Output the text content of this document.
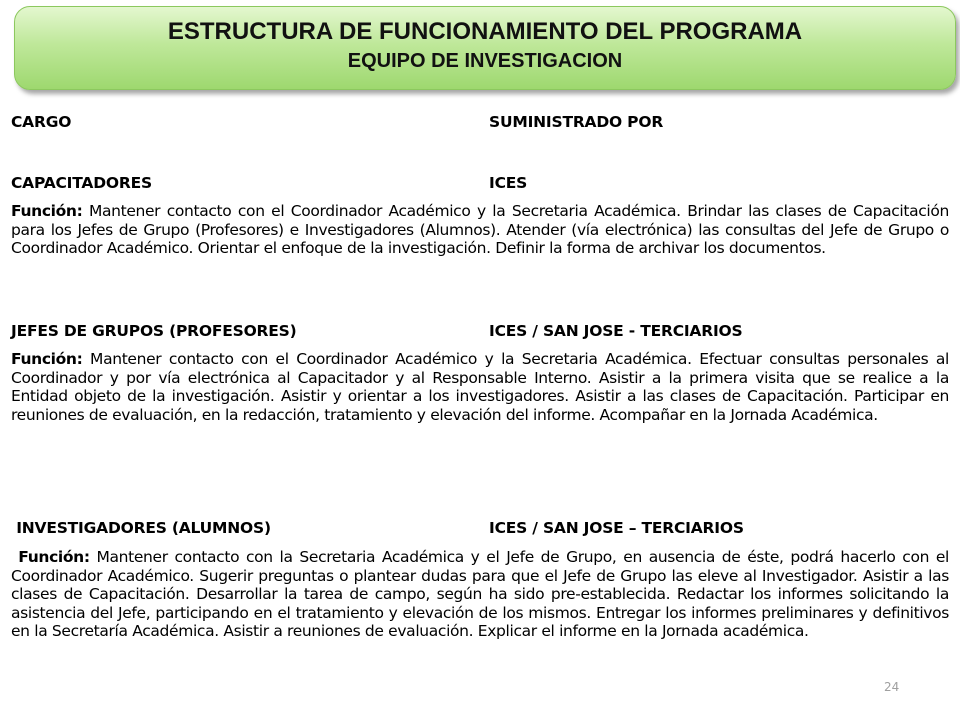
ESTRUCTURA DE FUNCIONAMIENTO DEL PROGRAMA
EQUIPO DE INVESTIGACION
CARGO	SUMINISTRADO POR
CAPACITADORES	ICES
Función: Mantener contacto con el Coordinador Académico y la Secretaria Académica. Brindar las clases de Capacitación para los Jefes de Grupo (Profesores) e Investigadores (Alumnos). Atender (vía electrónica) las consultas del Jefe de Grupo o Coordinador Académico. Orientar el enfoque de la investigación. Definir la forma de archivar los documentos.
JEFES DE GRUPOS (PROFESORES)	ICES / SAN JOSE - TERCIARIOS
Función: Mantener contacto con el Coordinador Académico y la Secretaria Académica. Efectuar consultas personales al Coordinador y por vía electrónica al Capacitador y al Responsable Interno. Asistir a la primera visita que se realice a la Entidad objeto de la investigación. Asistir y orientar a los investigadores. Asistir a las clases de Capacitación. Participar en reuniones de evaluación, en la redacción, tratamiento y elevación del informe. Acompañar en la Jornada Académica.
INVESTIGADORES (ALUMNOS)	ICES / SAN JOSE – TERCIARIOS
Función: Mantener contacto con la Secretaria Académica y el Jefe de Grupo, en ausencia de éste, podrá hacerlo con el Coordinador Académico. Sugerir preguntas o plantear dudas para que el Jefe de Grupo las eleve al Investigador. Asistir a las clases de Capacitación. Desarrollar la tarea de campo, según ha sido pre-establecida. Redactar los informes solicitando la asistencia del Jefe, participando en el tratamiento y elevación de los mismos. Entregar los informes preliminares y definitivos en la Secretaría Académica. Asistir a reuniones de evaluación. Explicar el informe en la Jornada académica.
24
